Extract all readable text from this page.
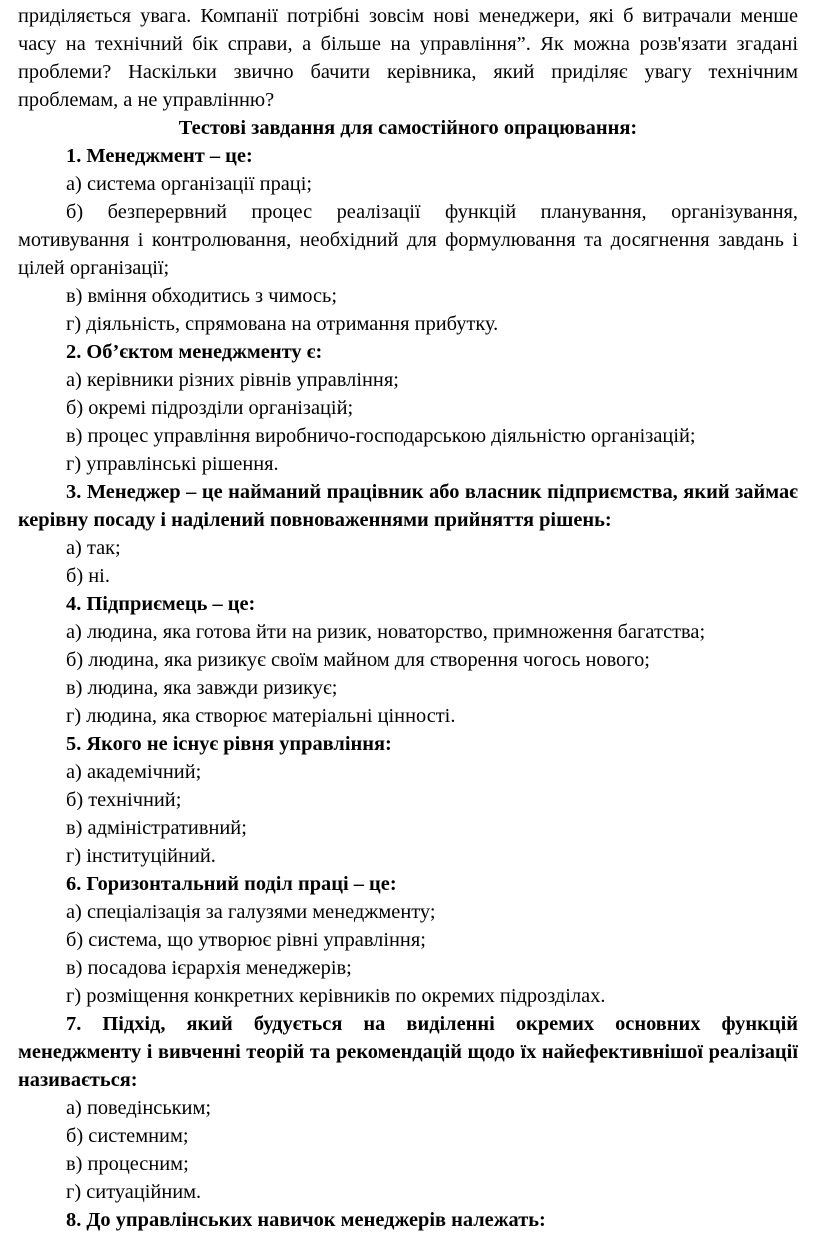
приділяється увага. Компанії потрібні зовсім нові менеджери, які б витрачали менше часу на технічний бік справи, а більше на управління”. Як можна розв'язати згадані проблеми? Наскільки звично бачити керівника, який приділяє увагу технічним проблемам, а не управлінню?

Тестові завдання для самостійного опрацювання:

1. Менеджмент – це:

а) система організації праці;

б) безперервний процес реалізації функцій планування, організування, мотивування і контролювання, необхідний для формулювання та досягнення завдань і цілей організації;

в) вміння обходитись з чимось;

г) діяльність, спрямована на отримання прибутку.

2. Об’єктом менеджменту є:

а) керівники різних рівнів управління;

б) окремі підрозділи організацій;

в) процес управління виробничо-господарською діяльністю організацій;

г) управлінські рішення.

3. Менеджер – це найманий працівник або власник підприємства, який займає керівну посаду і наділений повноваженнями прийняття рішень:

а) так;

б) ні.

4. Підприємець – це:

а) людина, яка готова йти на ризик, новаторство, примноження багатства;

б) людина, яка ризикує своїм майном для створення чогось нового;

в) людина, яка завжди ризикує;

г) людина, яка створює матеріальні цінності.

5. Якого не існує рівня управління:

а) академічний;

б) технічний;

в) адміністративний;

г) інституційний.

6. Горизонтальний поділ праці – це:

а) спеціалізація за галузями менеджменту;

б) система, що утворює рівні управління;

в) посадова ієрархія менеджерів;

г) розміщення конкретних керівників по окремих підрозділах.

7. Підхід, який будується на виділенні окремих основних функцій менеджменту і вивченні теорій та рекомендацій щодо їх найефективнішої реалізації називається:

а) поведінським;

б) системним;

в) процесним;

г) ситуаційним.

8. До управлінських навичок менеджерів належать:
